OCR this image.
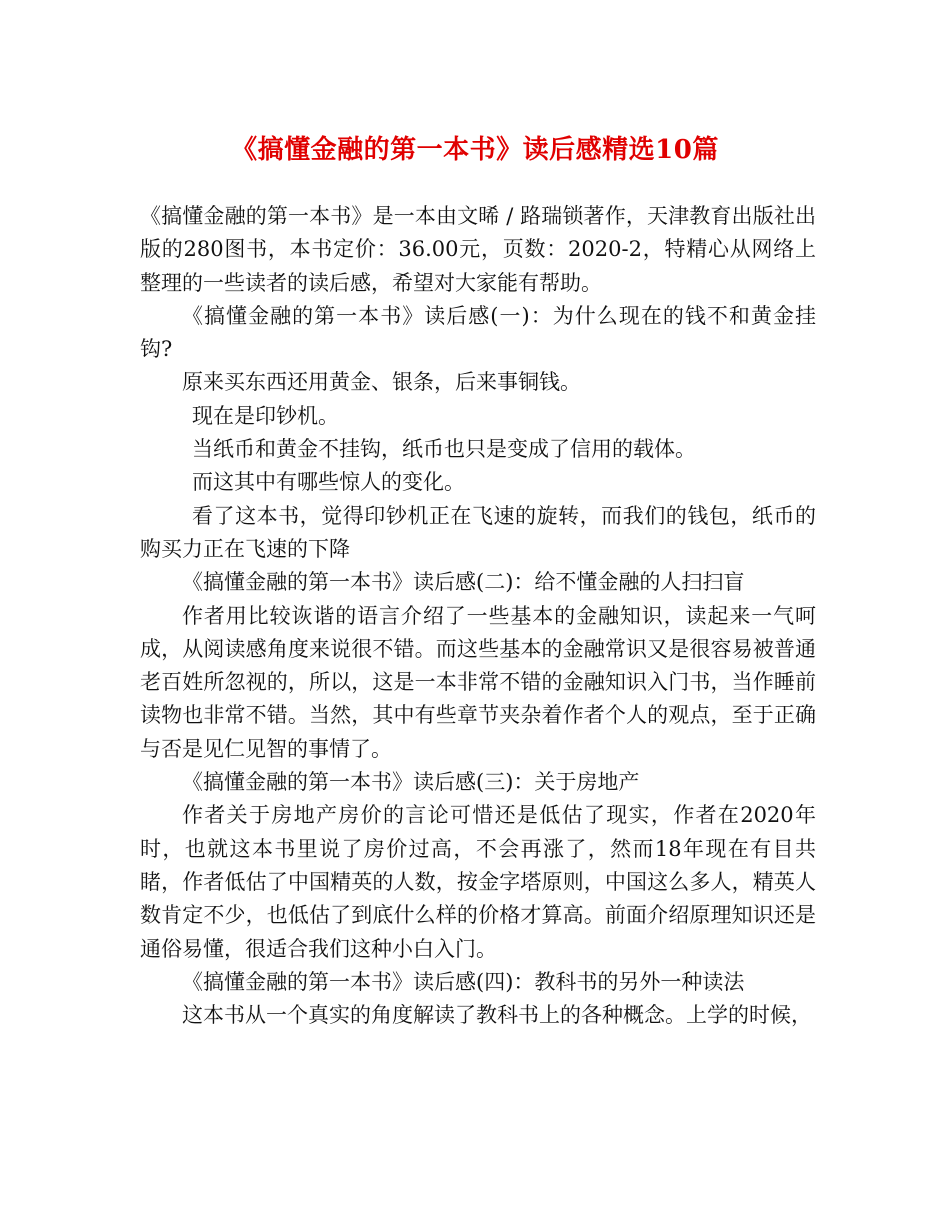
《搞懂金融的第一本书》读后感精选10篇

《搞懂金融的第一本书》是一本由文晞 / 路瑞锁著作，天津教育出版社出版的280图书，本书定价：36.00元，页数：2020-2，特精心从网络上整理的一些读者的读后感，希望对大家能有帮助。

《搞懂金融的第一本书》读后感(一)：为什么现在的钱不和黄金挂钩?

原来买东西还用黄金、银条，后来事铜钱。

现在是印钞机。

当纸币和黄金不挂钩，纸币也只是变成了信用的载体。

而这其中有哪些惊人的变化。

看了这本书，觉得印钞机正在飞速的旋转，而我们的钱包，纸币的购买力正在飞速的下降

《搞懂金融的第一本书》读后感(二)：给不懂金融的人扫扫盲

作者用比较诙谐的语言介绍了一些基本的金融知识，读起来一气呵成，从阅读感角度来说很不错。而这些基本的金融常识又是很容易被普通老百姓所忽视的，所以，这是一本非常不错的金融知识入门书，当作睡前读物也非常不错。当然，其中有些章节夹杂着作者个人的观点，至于正确与否是见仁见智的事情了。

《搞懂金融的第一本书》读后感(三)：关于房地产

作者关于房地产房价的言论可惜还是低估了现实，作者在2020年时，也就这本书里说了房价过高，不会再涨了，然而18年现在有目共睹，作者低估了中国精英的人数，按金字塔原则，中国这么多人，精英人数肯定不少，也低估了到底什么样的价格才算高。前面介绍原理知识还是通俗易懂，很适合我们这种小白入门。

《搞懂金融的第一本书》读后感(四)：教科书的另外一种读法

这本书从一个真实的角度解读了教科书上的各种概念。上学的时候，
